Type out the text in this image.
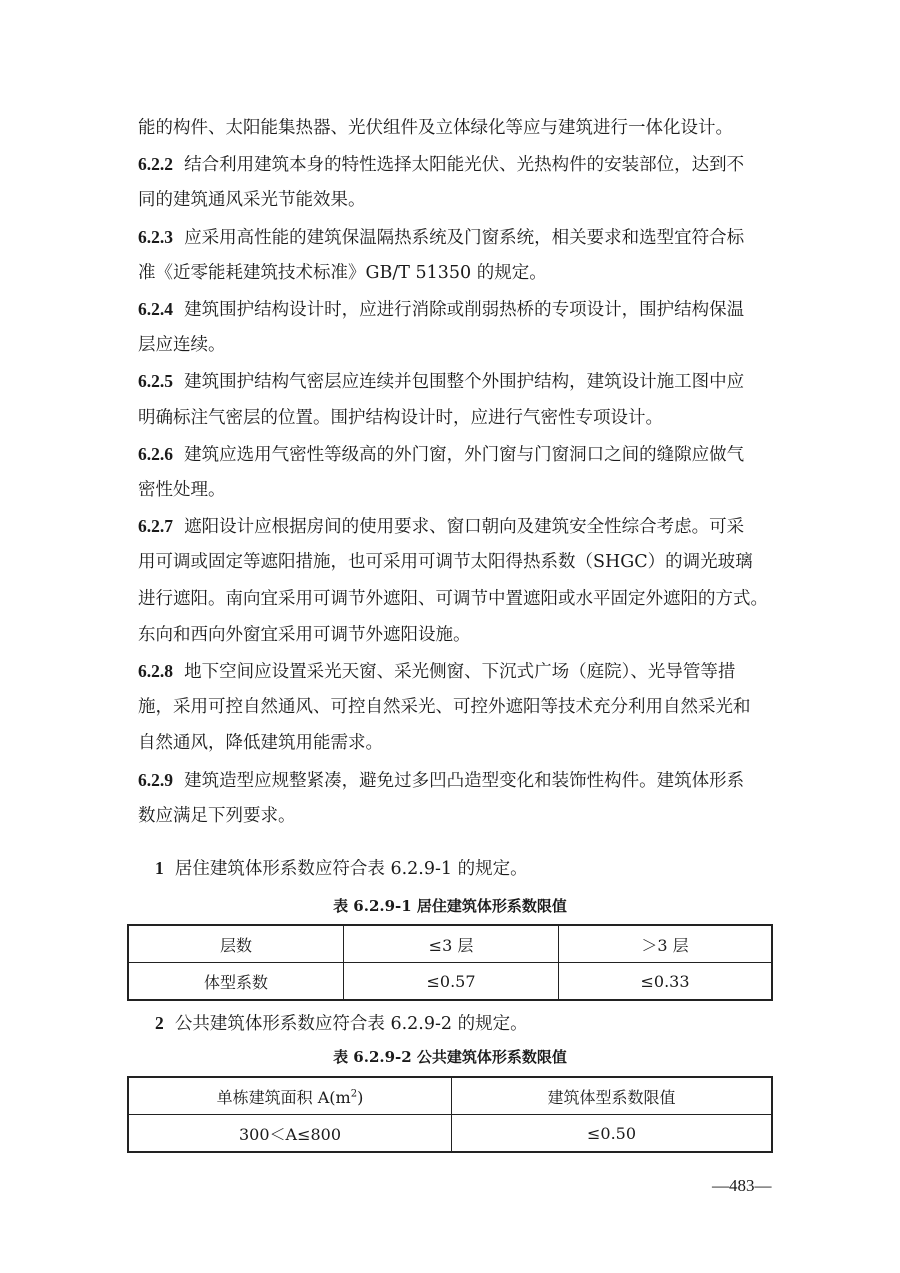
能的构件、太阳能集热器、光伏组件及立体绿化等应与建筑进行一体化设计。
6.2.2 结合利用建筑本身的特性选择太阳能光伏、光热构件的安装部位，达到不
同的建筑通风采光节能效果。
6.2.3 应采用高性能的建筑保温隔热系统及门窗系统，相关要求和选型宜符合标
准《近零能耗建筑技术标准》GB/T 51350 的规定。
6.2.4 建筑围护结构设计时，应进行消除或削弱热桥的专项设计，围护结构保温
层应连续。
6.2.5 建筑围护结构气密层应连续并包围整个外围护结构，建筑设计施工图中应
明确标注气密层的位置。围护结构设计时，应进行气密性专项设计。
6.2.6 建筑应选用气密性等级高的外门窗，外门窗与门窗洞口之间的缝隙应做气
密性处理。
6.2.7 遮阳设计应根据房间的使用要求、窗口朝向及建筑安全性综合考虑。可采
用可调或固定等遮阳措施，也可采用可调节太阳得热系数（SHGC）的调光玻璃
进行遮阳。南向宜采用可调节外遮阳、可调节中置遮阳或水平固定外遮阳的方式。
东向和西向外窗宜采用可调节外遮阳设施。
6.2.8 地下空间应设置采光天窗、采光侧窗、下沉式广场（庭院）、光导管等措
施，采用可控自然通风、可控自然采光、可控外遮阳等技术充分利用自然采光和
自然通风，降低建筑用能需求。
6.2.9 建筑造型应规整紧凑，避免过多凹凸造型变化和装饰性构件。建筑体形系
数应满足下列要求。
1 居住建筑体形系数应符合表 6.2.9-1 的规定。
表 6.2.9-1 居住建筑体形系数限值
层数	≤3 层	＞3 层
体型系数	≤0.57	≤0.33
2 公共建筑体形系数应符合表 6.2.9-2 的规定。
表 6.2.9-2 公共建筑体形系数限值
单栋建筑面积 $A(m^2)$	建筑体型系数限值
300＜A≤800	≤0.50
—483—
